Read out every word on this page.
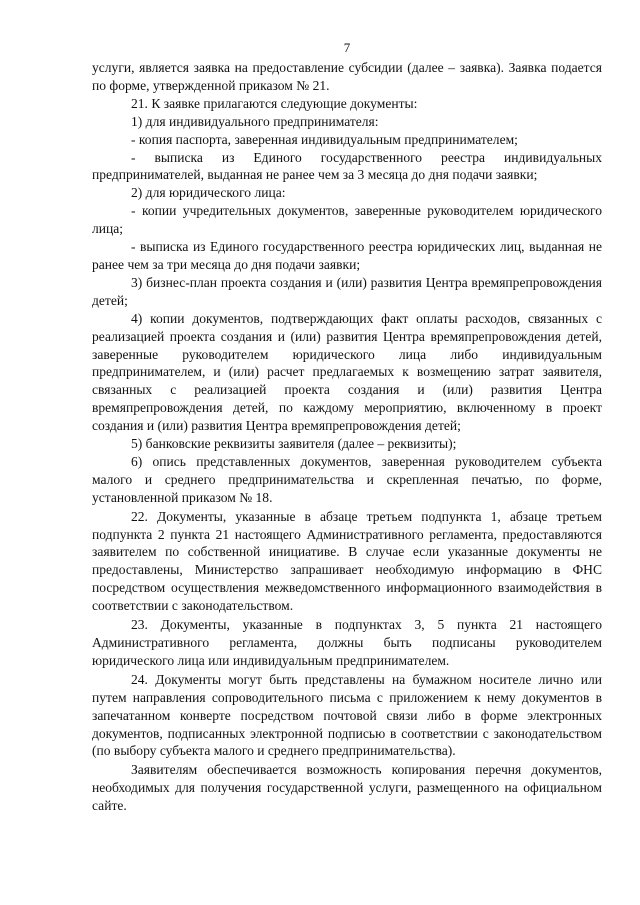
7

услуги, является заявка на предоставление субсидии (далее – заявка). Заявка подается по форме, утвержденной приказом № 21.

21. К заявке прилагаются следующие документы:

1) для индивидуального предпринимателя:

- копия паспорта, заверенная индивидуальным предпринимателем;

- выписка из Единого государственного реестра индивидуальных предпринимателей, выданная не ранее чем за 3 месяца до дня подачи заявки;

2) для юридического лица:

- копии учредительных документов, заверенные руководителем юридического лица;

- выписка из Единого государственного реестра юридических лиц, выданная не ранее чем за три месяца до дня подачи заявки;

3) бизнес-план проекта создания и (или) развития Центра времяпрепровождения детей;

4) копии документов, подтверждающих факт оплаты расходов, связанных с реализацией проекта создания и (или) развития Центра времяпрепровождения детей, заверенные руководителем юридического лица либо индивидуальным предпринимателем, и (или) расчет предлагаемых к возмещению затрат заявителя, связанных с реализацией проекта создания и (или) развития Центра времяпрепровождения детей, по каждому мероприятию, включенному в проект создания и (или) развития Центра времяпрепровождения детей;

5) банковские реквизиты заявителя (далее – реквизиты);

6) опись представленных документов, заверенная руководителем субъекта малого и среднего предпринимательства и скрепленная печатью, по форме, установленной приказом № 18.

22. Документы, указанные в абзаце третьем подпункта 1, абзаце третьем подпункта 2 пункта 21 настоящего Административного регламента, предоставляются заявителем по собственной инициативе. В случае если указанные документы не предоставлены, Министерство запрашивает необходимую информацию в ФНС посредством осуществления межведомственного информационного взаимодействия в соответствии с законодательством.

23. Документы, указанные в подпунктах 3, 5 пункта 21 настоящего Административного регламента, должны быть подписаны руководителем юридического лица или индивидуальным предпринимателем.

24. Документы могут быть представлены на бумажном носителе лично или путем направления сопроводительного письма с приложением к нему документов в запечатанном конверте посредством почтовой связи либо в форме электронных документов, подписанных электронной подписью в соответствии с законодательством (по выбору субъекта малого и среднего предпринимательства).

Заявителям обеспечивается возможность копирования перечня документов, необходимых для получения государственной услуги, размещенного на официальном сайте.
